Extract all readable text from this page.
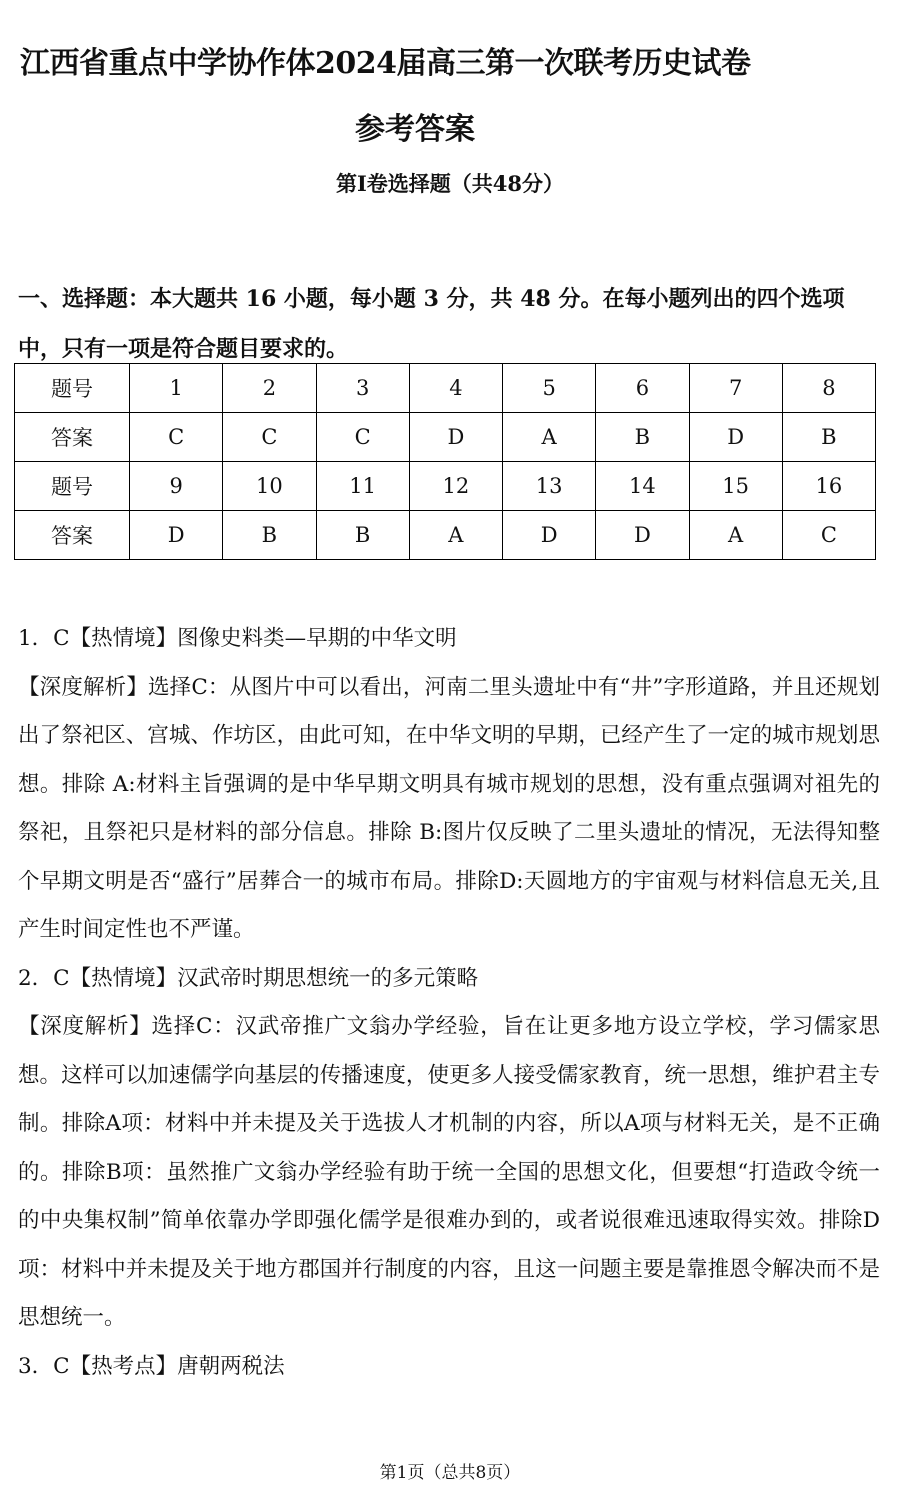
江西省重点中学协作体2024届高三第一次联考历史试卷
参考答案
第Ⅰ卷选择题（共48分）
一、选择题：本大题共 16 小题，每小题 3 分，共 48 分。在每小题列出的四个选项中，只有一项是符合题目要求的。
题号	1	2	3	4	5	6	7	8
答案	C	C	C	D	A	B	D	B
题号	9	10	11	12	13	14	15	16
答案	D	B	B	A	D	D	A	C

1．C【热情境】图像史料类—早期的中华文明

【深度解析】选择C：从图片中可以看出，河南二里头遗址中有“井”字形道路，并且还规划出了祭祀区、宫城、作坊区，由此可知，在中华文明的早期，已经产生了一定的城市规划思想。排除 A:材料主旨强调的是中华早期文明具有城市规划的思想，没有重点强调对祖先的祭祀，且祭祀只是材料的部分信息。排除 B:图片仅反映了二里头遗址的情况，无法得知整个早期文明是否“盛行”居葬合一的城市布局。排除D:天圆地方的宇宙观与材料信息无关,且产生时间定性也不严谨。

2．C【热情境】汉武帝时期思想统一的多元策略

【深度解析】选择C：汉武帝推广文翁办学经验，旨在让更多地方设立学校，学习儒家思想。这样可以加速儒学向基层的传播速度，使更多人接受儒家教育，统一思想，维护君主专制。排除A项：材料中并未提及关于选拔人才机制的内容，所以A项与材料无关，是不正确的。排除B项：虽然推广文翁办学经验有助于统一全国的思想文化，但要想“打造政令统一的中央集权制”简单依靠办学即强化儒学是很难办到的，或者说很难迅速取得实效。排除D项：材料中并未提及关于地方郡国并行制度的内容，且这一问题主要是靠推恩令解决而不是思想统一。

3．C【热考点】唐朝两税法

第1页（总共8页）
